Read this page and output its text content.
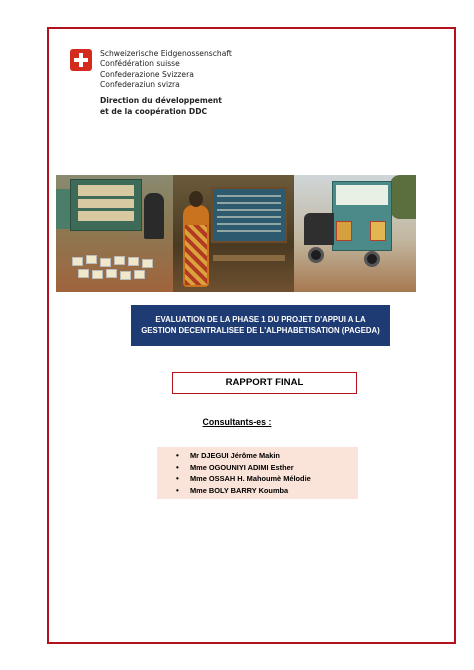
Schweizerische Eidgenossenschaft
Confédération suisse
Confederazione Svizzera
Confederaziun svizra
Direction du développement
et de la coopération DDC
EVALUATION DE LA PHASE 1 DU PROJET D'APPUI A LA
GESTION DECENTRALISEE DE L'ALPHABETISATION (PAGEDA)
RAPPORT FINAL
Consultants-es :
• Mr DJEGUI Jérôme Makin
• Mme OGOUNIYI ADIMI Esther
• Mme OSSAH H. Mahoumè Mélodie
• Mme BOLY BARRY Koumba
